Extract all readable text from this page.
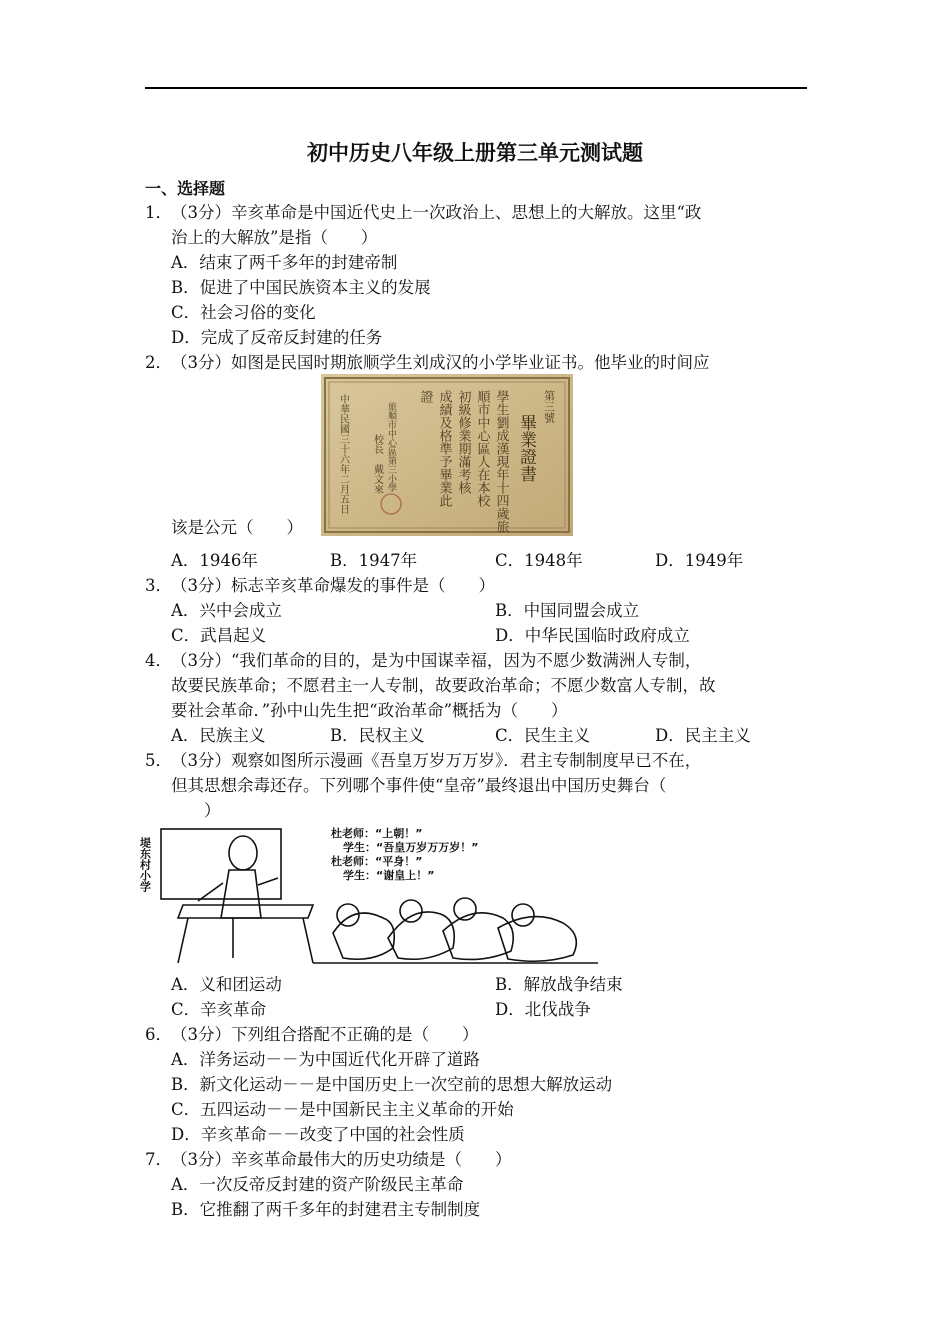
初中历史八年级上册第三单元测试题
一、选择题
1． （3分）辛亥革命是中国近代史上一次政治上、思想上的大解放。这里“政
治上的大解放”是指（　　）
A．结束了两千多年的封建帝制
B．促进了中国民族资本主义的发展
C．社会习俗的变化
D．完成了反帝反封建的任务
2． （3分）如图是民国时期旅顺学生刘成汉的小学毕业证书。他毕业的时间应
第三號
畢業證書
學生劉成漢現年十四歲旅
順市中心區人在本校
初級修業期滿考核
成績及格準予畢業此
證
旅順市中心區第三小學
校長　戴文來
中華民國三十六年二月五日
该是公元（　　）
A．1946年	B．1947年	C．1948年	D．1949年
3． （3分）标志辛亥革命爆发的事件是（　　）
A．兴中会成立	B．中国同盟会成立
C．武昌起义	D．中华民国临时政府成立
4． （3分）“我们革命的目的，是为中国谋幸福，因为不愿少数满洲人专制，
故要民族革命；不愿君主一人专制，故要政治革命；不愿少数富人专制，故
要社会革命．”孙中山先生把“政治革命”概括为（　　）
A．民族主义	B．民权主义	C．民生主义	D．民主主义
5． （3分）观察如图所示漫画《吾皇万岁万万岁》．君主专制制度早已不在，
但其思想余毒还存。下列哪个事件使“皇帝”最终退出中国历史舞台（
　　）
堤东村小学
杜老师：“上朝！”
学生：“吾皇万岁万万岁！”
杜老师：“平身！”
学生：“谢皇上！”
A．义和团运动	B．解放战争结束
C．辛亥革命	D．北伐战争
6． （3分）下列组合搭配不正确的是（　　）
A．洋务运动－－为中国近代化开辟了道路
B．新文化运动－－是中国历史上一次空前的思想大解放运动
C．五四运动－－是中国新民主主义革命的开始
D．辛亥革命－－改变了中国的社会性质
7． （3分）辛亥革命最伟大的历史功绩是（　　）
A．一次反帝反封建的资产阶级民主革命
B．它推翻了两千多年的封建君主专制制度
